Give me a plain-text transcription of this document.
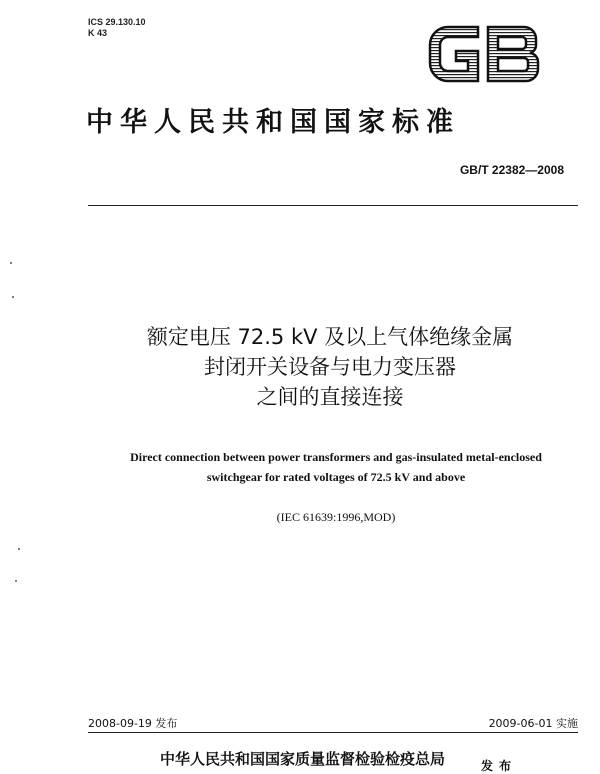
ICS 29.130.10
K 43
中华人民共和国国家标准
GB/T 22382—2008
额定电压 72.5 kV 及以上气体绝缘金属
封闭开关设备与电力变压器
之间的直接连接
Direct connection between power transformers and gas-insulated metal-enclosed
switchgear for rated voltages of 72.5 kV and above
(IEC 61639:1996,MOD)
2008-09-19 发布	2009-06-01 实施
中华人民共和国国家质量监督检验检疫总局	发布
